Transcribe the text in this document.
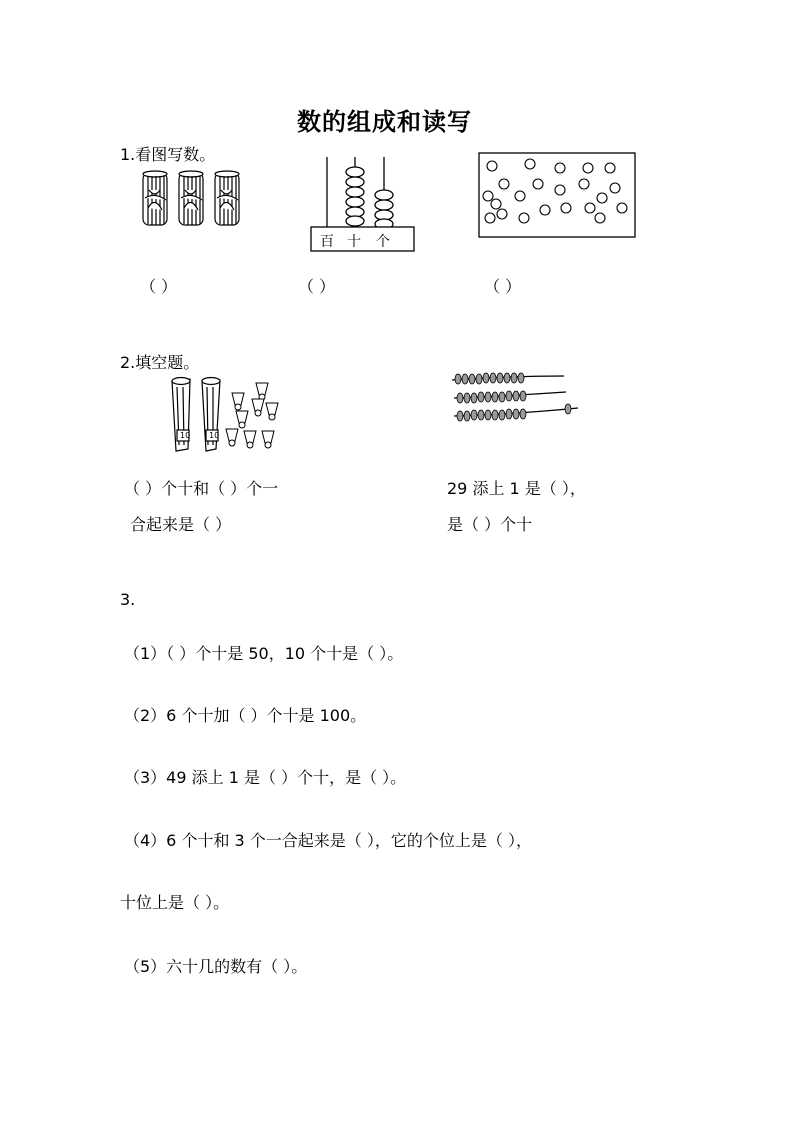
数的组成和读写
1.看图写数。
百 十 个
（ ）	（ ）	（ ）
2.填空题。
10 10
（ ）个十和（ ）个一
合起来是（ ）
29 添上 1 是（ ），
是（ ）个十
3.
（1）（ ）个十是 50，10 个十是（ ）。
（2）6 个十加（ ）个十是 100。
（3）49 添上 1 是（ ）个十，是（ ）。
（4）6 个十和 3 个一合起来是（ ），它的个位上是（ ），
十位上是（ ）。
（5）六十几的数有（ ）。
